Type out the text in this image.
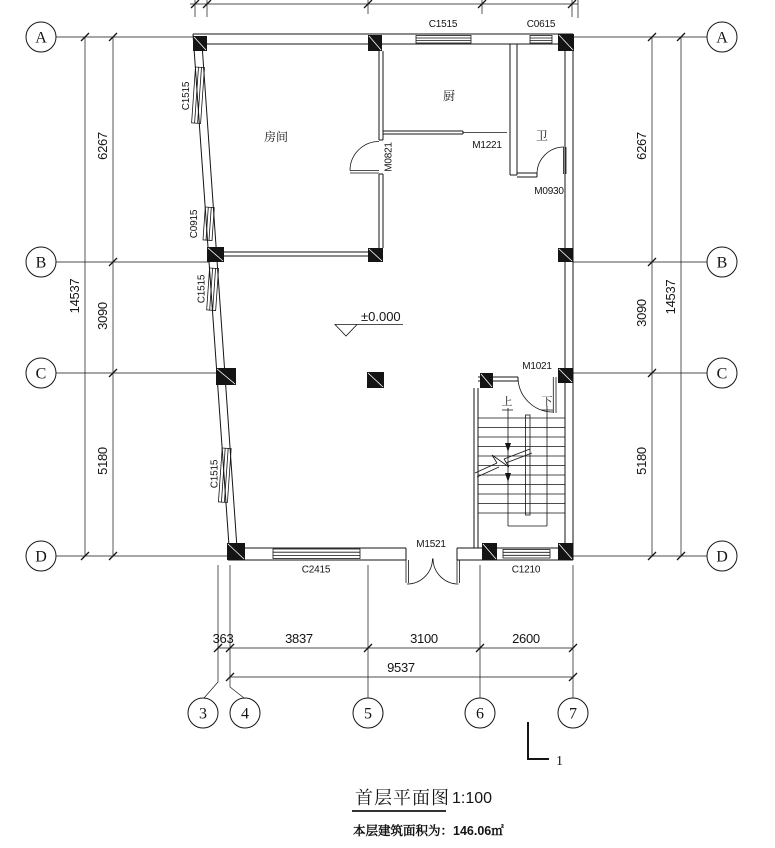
14537
6267
3090
5180
6267
3090
5180
14537
363	3837	3100	2600
9537
A
B
C
D
A
B
C
D
3 4	5	6	7
上	下
±0.000
房间
厨
卫
C1515	C0615
C2415	C1210
M1521
M1221
M0930
M1021
M0821
C1515
C0915
C1515
C1515
1
首层平面图 1:100
本层建筑面积为：146.06㎡
